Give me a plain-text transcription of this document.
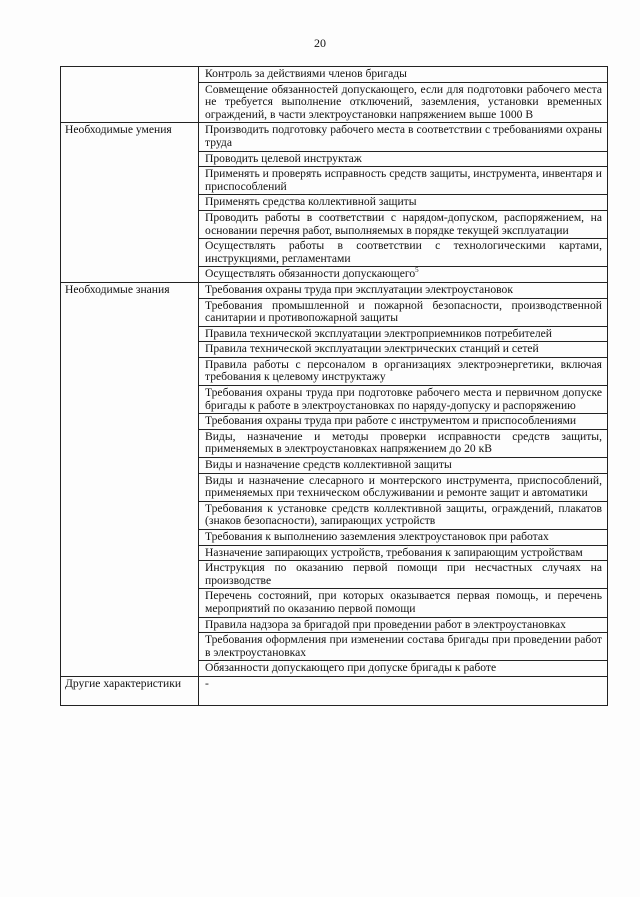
20
	Контроль за действиями членов бригады
	Совмещение обязанностей допускающего, если для подготовки рабочего места не требуется выполнение отключений, заземления, установки временных ограждений, в части электроустановки напряжением выше 1000 В
Необходимые умения	Производить подготовку рабочего места в соответствии с требованиями охраны труда
	Проводить целевой инструктаж
	Применять и проверять исправность средств защиты, инструмента, инвентаря и приспособлений
	Применять средства коллективной защиты
	Проводить работы в соответствии с нарядом-допуском, распоряжением, на основании перечня работ, выполняемых в порядке текущей эксплуатации
	Осуществлять работы в соответствии с технологическими картами, инструкциями, регламентами
	Осуществлять обязанности допускающего$^5$
Необходимые знания	Требования охраны труда при эксплуатации электроустановок
	Требования промышленной и пожарной безопасности, производственной санитарии и противопожарной защиты
	Правила технической эксплуатации электроприемников потребителей
	Правила технической эксплуатации электрических станций и сетей
	Правила работы с персоналом в организациях электроэнергетики, включая требования к целевому инструктажу
	Требования охраны труда при подготовке рабочего места и первичном допуске бригады к работе в электроустановках по наряду-допуску и распоряжению
	Требования охраны труда при работе с инструментом и приспособлениями
	Виды, назначение и методы проверки исправности средств защиты, применяемых в электроустановках напряжением до 20 кВ
	Виды и назначение средств коллективной защиты
	Виды и назначение слесарного и монтерского инструмента, приспособлений, применяемых при техническом обслуживании и ремонте защит и автоматики
	Требования к установке средств коллективной защиты, ограждений, плакатов (знаков безопасности), запирающих устройств
	Требования к выполнению заземления электроустановок при работах
	Назначение запирающих устройств, требования к запирающим устройствам
	Инструкция по оказанию первой помощи при несчастных случаях на производстве
	Перечень состояний, при которых оказывается первая помощь, и перечень мероприятий по оказанию первой помощи
	Правила надзора за бригадой при проведении работ в электроустановках
	Требования оформления при изменении состава бригады при проведении работ в электроустановках
	Обязанности допускающего при допуске бригады к работе
Другие характеристики	-
